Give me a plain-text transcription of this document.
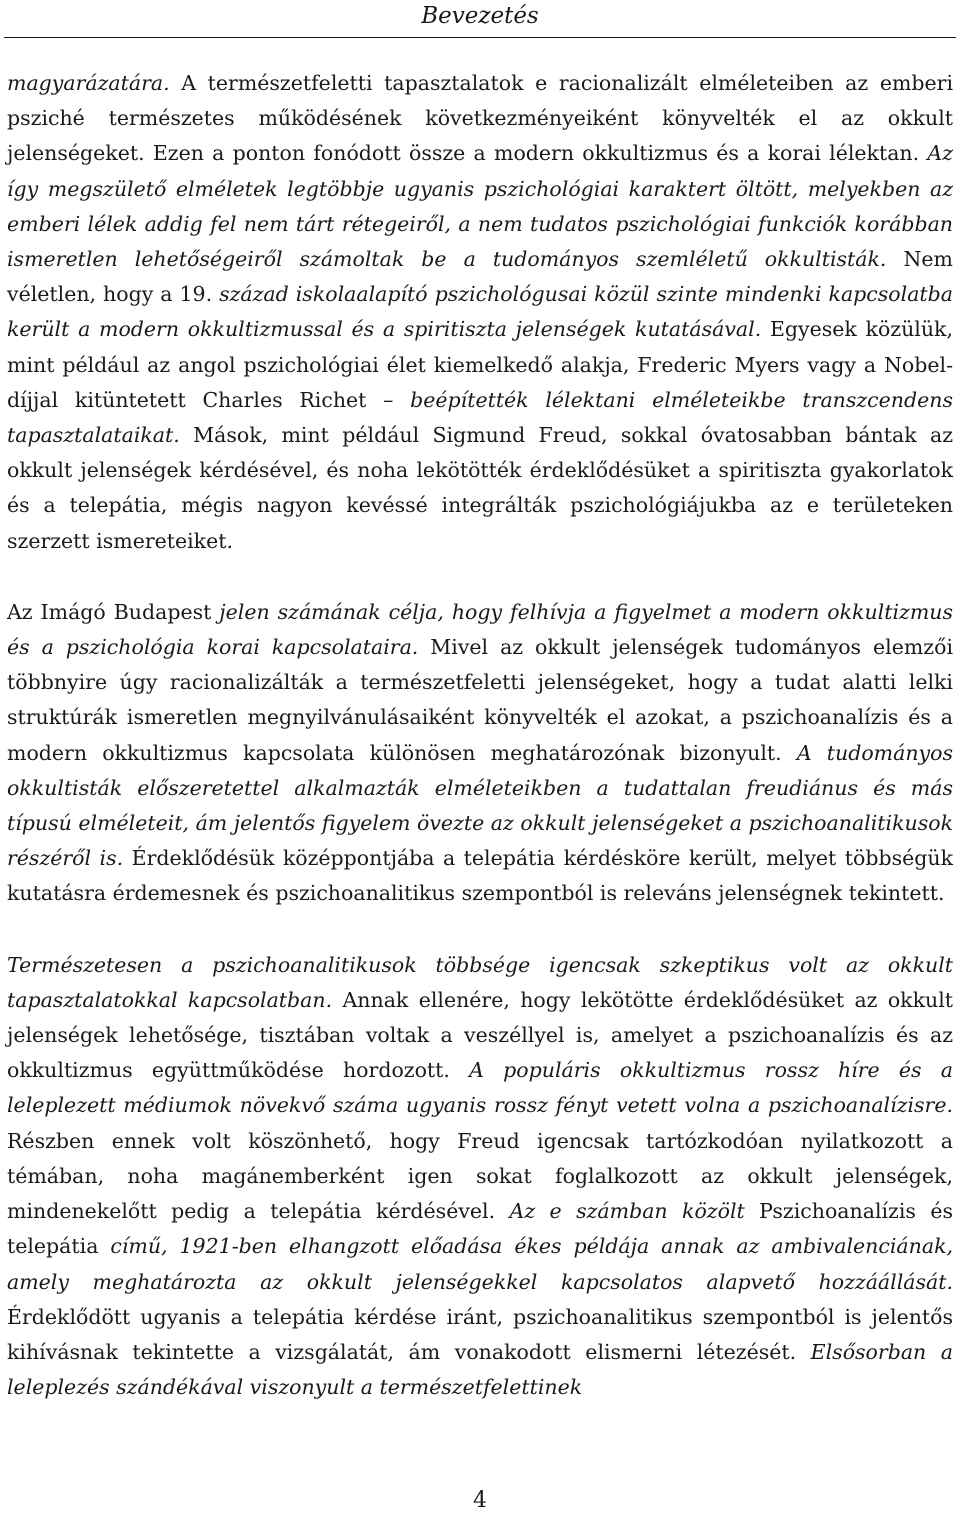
Bevezetés

magyarázatára. A természetfeletti tapasztalatok e racionalizált elméleteiben az emberi psziché természetes működésének következményeiként könyvelték el az okkult jelenségeket. Ezen a ponton fonódott össze a modern okkultizmus és a korai lélektan. Az így megszülető elméletek legtöbbje ugyanis pszichológiai karaktert öltött, melyekben az emberi lélek addig fel nem tárt rétegeiről, a nem tudatos pszichológiai funkciók korábban ismeretlen lehetőségeiről számoltak be a tudományos szemléletű okkultisták. Nem véletlen, hogy a 19. század iskolaalapító pszichológusai közül szinte mindenki kapcsolatba került a modern okkultizmussal és a spiritiszta jelenségek kutatásával. Egyesek közülük, mint például az angol pszichológiai élet kiemelkedő alakja, Frederic Myers vagy a Nobel-díjjal kitüntetett Charles Richet – beépítették lélektani elméleteikbe transzcendens tapasztalataikat. Mások, mint például Sigmund Freud, sokkal óvatosabban bántak az okkult jelenségek kérdésével, és noha lekötötték érdeklődésüket a spiritiszta gyakorlatok és a telepátia, mégis nagyon kevéssé integrálták pszichológiájukba az e területeken szerzett ismereteiket.

Az Imágó Budapest jelen számának célja, hogy felhívja a figyelmet a modern okkultizmus és a pszichológia korai kapcsolataira. Mivel az okkult jelenségek tudományos elemzői többnyire úgy racionalizálták a természetfeletti jelenségeket, hogy a tudat alatti lelki struktúrák ismeretlen megnyilvánulásaiként könyvelték el azokat, a pszichoanalízis és a modern okkultizmus kapcsolata különösen meghatározónak bizonyult. A tudományos okkultisták előszeretettel alkalmazták elméleteikben a tudattalan freudiánus és más típusú elméleteit, ám jelentős figyelem övezte az okkult jelenségeket a pszichoanalitikusok részéről is. Érdeklődésük középpontjába a telepátia kérdésköre került, melyet többségük kutatásra érdemesnek és pszichoanalitikus szempontból is releváns jelenségnek tekintett.

Természetesen a pszichoanalitikusok többsége igencsak szkeptikus volt az okkult tapasztalatokkal kapcsolatban. Annak ellenére, hogy lekötötte érdeklődésüket az okkult jelenségek lehetősége, tisztában voltak a veszéllyel is, amelyet a pszichoanalízis és az okkultizmus együttműködése hordozott. A populáris okkultizmus rossz híre és a leleplezett médiumok növekvő száma ugyanis rossz fényt vetett volna a pszichoanalízisre. Részben ennek volt köszönhető, hogy Freud igencsak tartózkodóan nyilatkozott a témában, noha magánemberként igen sokat foglalkozott az okkult jelenségek, mindenekelőtt pedig a telepátia kérdésével. Az e számban közölt Pszichoanalízis és telepátia című, 1921-ben elhangzott előadása ékes példája annak az ambivalenciának, amely meghatározta az okkult jelenségekkel kapcsolatos alapvető hozzáállását. Érdeklődött ugyanis a telepátia kérdése iránt, pszichoanalitikus szempontból is jelentős kihívásnak tekintette a vizsgálatát, ám vonakodott elismerni létezését. Elsősorban a leleplezés szándékával viszonyult a természetfelettinek

4
